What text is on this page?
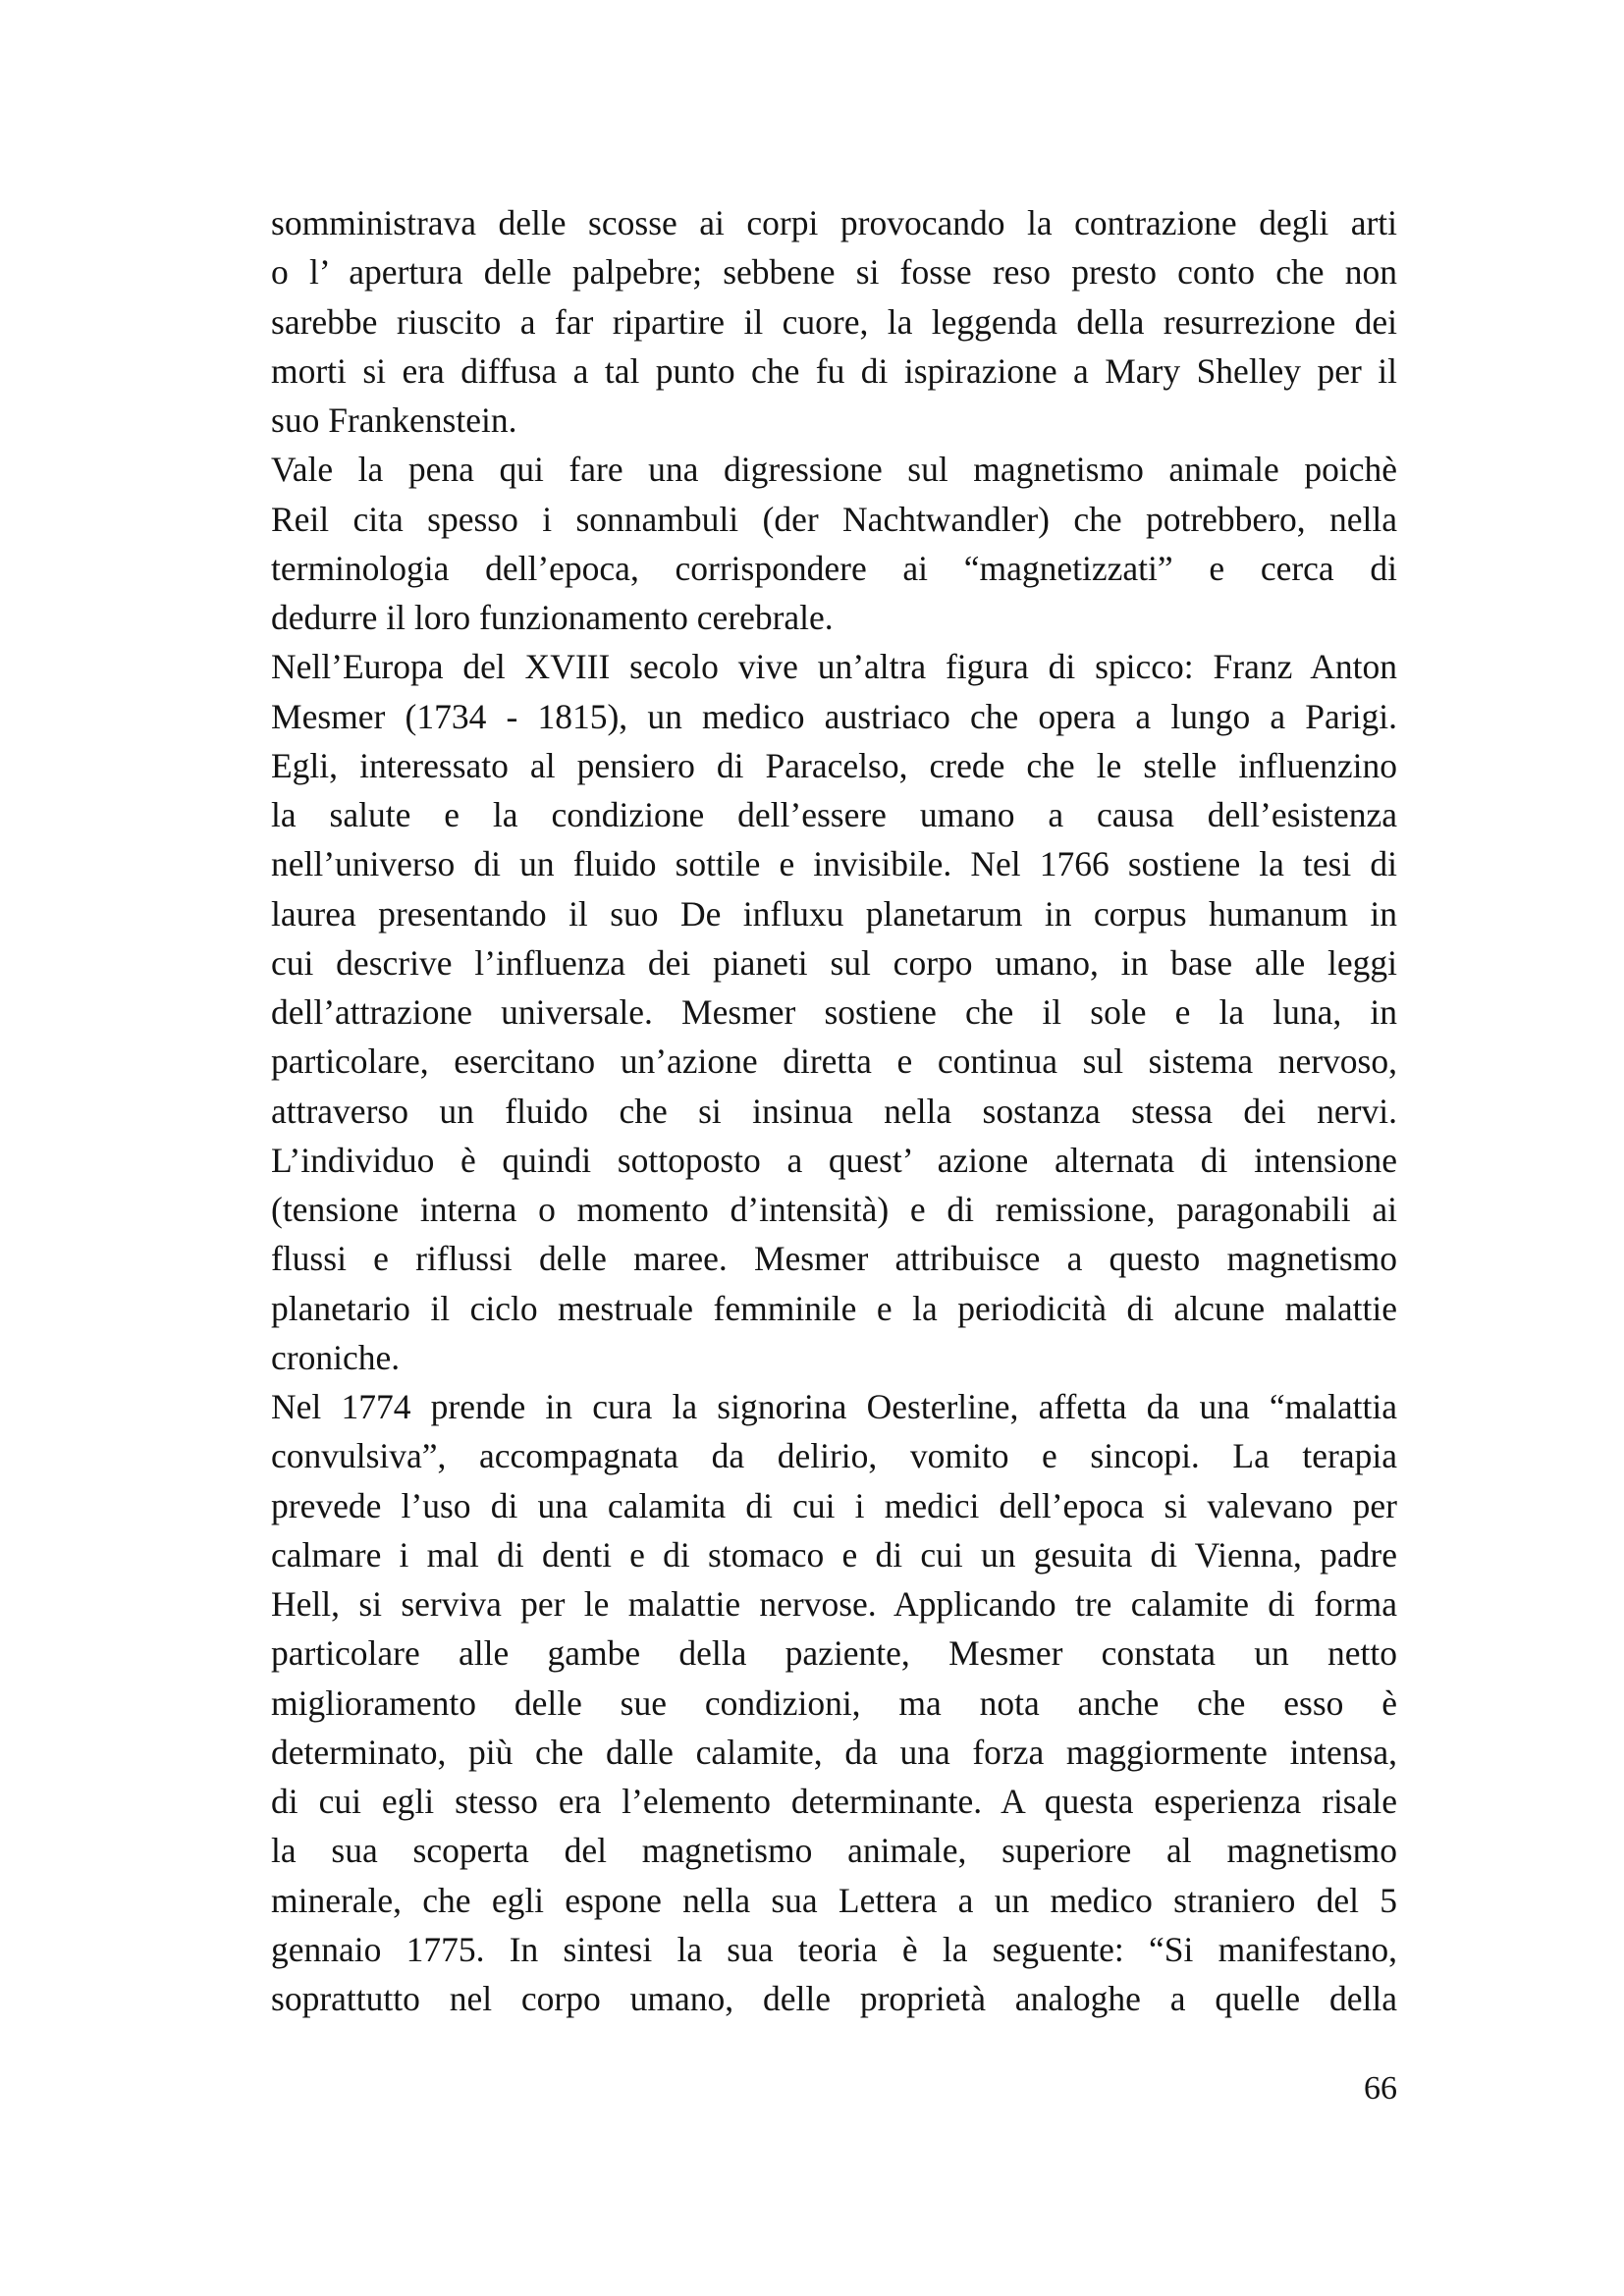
somministrava delle scosse ai corpi provocando la contrazione degli arti
o l’ apertura delle palpebre; sebbene si fosse reso presto conto che non
sarebbe riuscito a far ripartire il cuore, la leggenda della resurrezione dei
morti si era diffusa a tal punto che fu di ispirazione a Mary Shelley per il
suo Frankenstein.
Vale la pena qui fare una digressione sul magnetismo animale poichè
Reil cita spesso i sonnambuli (der Nachtwandler) che potrebbero, nella
terminologia dell’epoca, corrispondere ai “magnetizzati” e cerca di
dedurre il loro funzionamento cerebrale.
Nell’Europa del XVIII secolo vive un’altra figura di spicco: Franz Anton
Mesmer (1734 - 1815), un medico austriaco che opera a lungo a Parigi.
Egli, interessato al pensiero di Paracelso, crede che le stelle influenzino
la salute e la condizione dell’essere umano a causa dell’esistenza
nell’universo di un fluido sottile e invisibile. Nel 1766 sostiene la tesi di
laurea presentando il suo De influxu planetarum in corpus humanum in
cui descrive l’influenza dei pianeti sul corpo umano, in base alle leggi
dell’attrazione universale. Mesmer sostiene che il sole e la luna, in
particolare, esercitano un’azione diretta e continua sul sistema nervoso,
attraverso un fluido che si insinua nella sostanza stessa dei nervi.
L’individuo è quindi sottoposto a quest’ azione alternata di intensione
(tensione interna o momento d’intensità) e di remissione, paragonabili ai
flussi e riflussi delle maree. Mesmer attribuisce a questo magnetismo
planetario il ciclo mestruale femminile e la periodicità di alcune malattie
croniche.
Nel 1774 prende in cura la signorina Oesterline, affetta da una “malattia
convulsiva”, accompagnata da delirio, vomito e sincopi. La terapia
prevede l’uso di una calamita di cui i medici dell’epoca si valevano per
calmare i mal di denti e di stomaco e di cui un gesuita di Vienna, padre
Hell, si serviva per le malattie nervose. Applicando tre calamite di forma
particolare alle gambe della paziente, Mesmer constata un netto
miglioramento delle sue condizioni, ma nota anche che esso è
determinato, più che dalle calamite, da una forza maggiormente intensa,
di cui egli stesso era l’elemento determinante. A questa esperienza risale
la sua scoperta del magnetismo animale, superiore al magnetismo
minerale, che egli espone nella sua Lettera a un medico straniero del 5
gennaio 1775. In sintesi la sua teoria è la seguente: “Si manifestano,
soprattutto nel corpo umano, delle proprietà analoghe a quelle della
66
